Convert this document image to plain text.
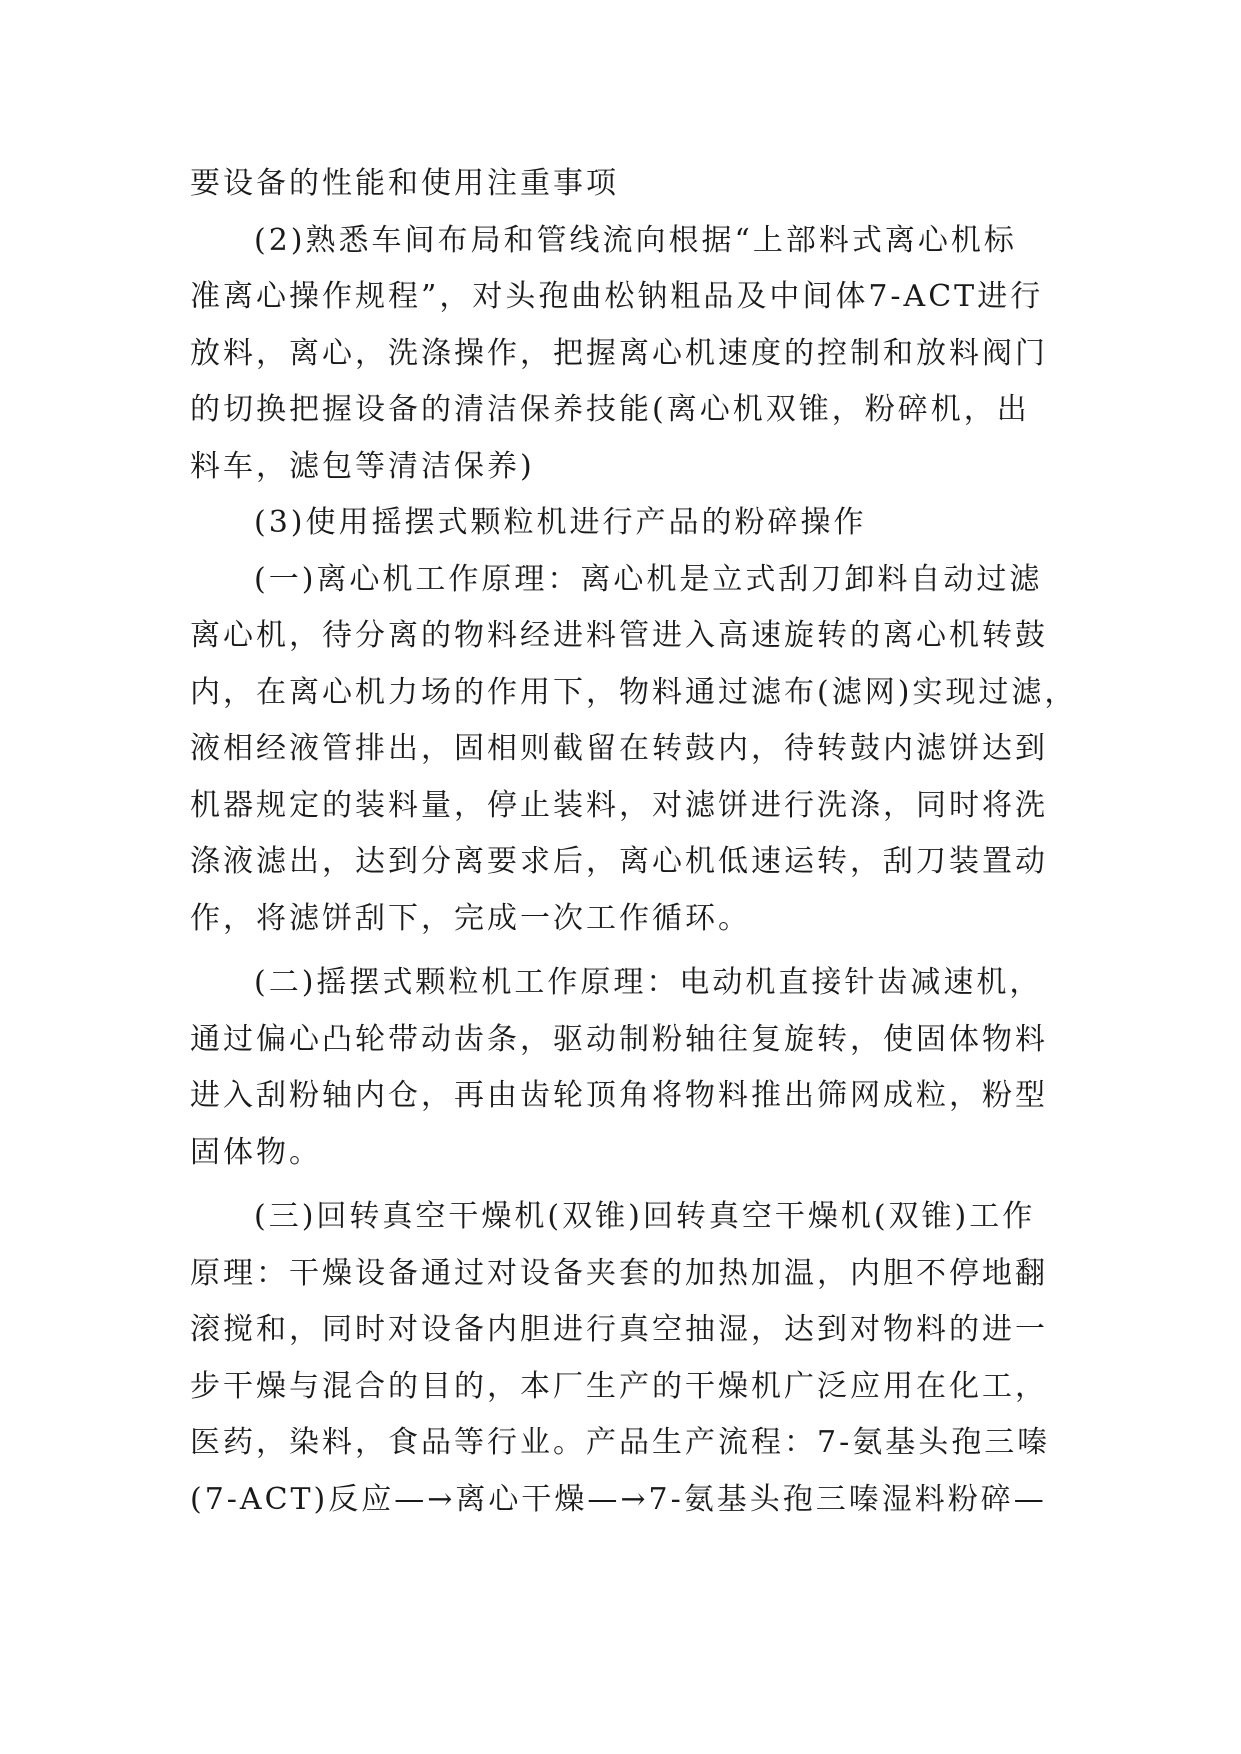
要设备的性能和使用注重事项
(2)熟悉车间布局和管线流向根据“上部料式离心机标
准离心操作规程”，对头孢曲松钠粗品及中间体7-ACT进行
放料，离心，洗涤操作，把握离心机速度的控制和放料阀门
的切换把握设备的清洁保养技能(离心机双锥，粉碎机，出
料车，滤包等清洁保养)
(3)使用摇摆式颗粒机进行产品的粉碎操作
(一)离心机工作原理：离心机是立式刮刀卸料自动过滤
离心机，待分离的物料经进料管进入高速旋转的离心机转鼓
内，在离心机力场的作用下，物料通过滤布(滤网)实现过滤，
液相经液管排出，固相则截留在转鼓内，待转鼓内滤饼达到
机器规定的装料量，停止装料，对滤饼进行洗涤，同时将洗
涤液滤出，达到分离要求后，离心机低速运转，刮刀装置动
作，将滤饼刮下，完成一次工作循环。
(二)摇摆式颗粒机工作原理：电动机直接针齿减速机，
通过偏心凸轮带动齿条，驱动制粉轴往复旋转，使固体物料
进入刮粉轴内仓，再由齿轮顶角将物料推出筛网成粒，粉型
固体物。
(三)回转真空干燥机(双锥)回转真空干燥机(双锥)工作
原理：干燥设备通过对设备夹套的加热加温，内胆不停地翻
滚搅和，同时对设备内胆进行真空抽湿，达到对物料的进一
步干燥与混合的目的，本厂生产的干燥机广泛应用在化工，
医药，染料，食品等行业。产品生产流程：7-氨基头孢三嗪
(7-ACT)反应—→离心干燥—→7-氨基头孢三嗪湿料粉碎—
